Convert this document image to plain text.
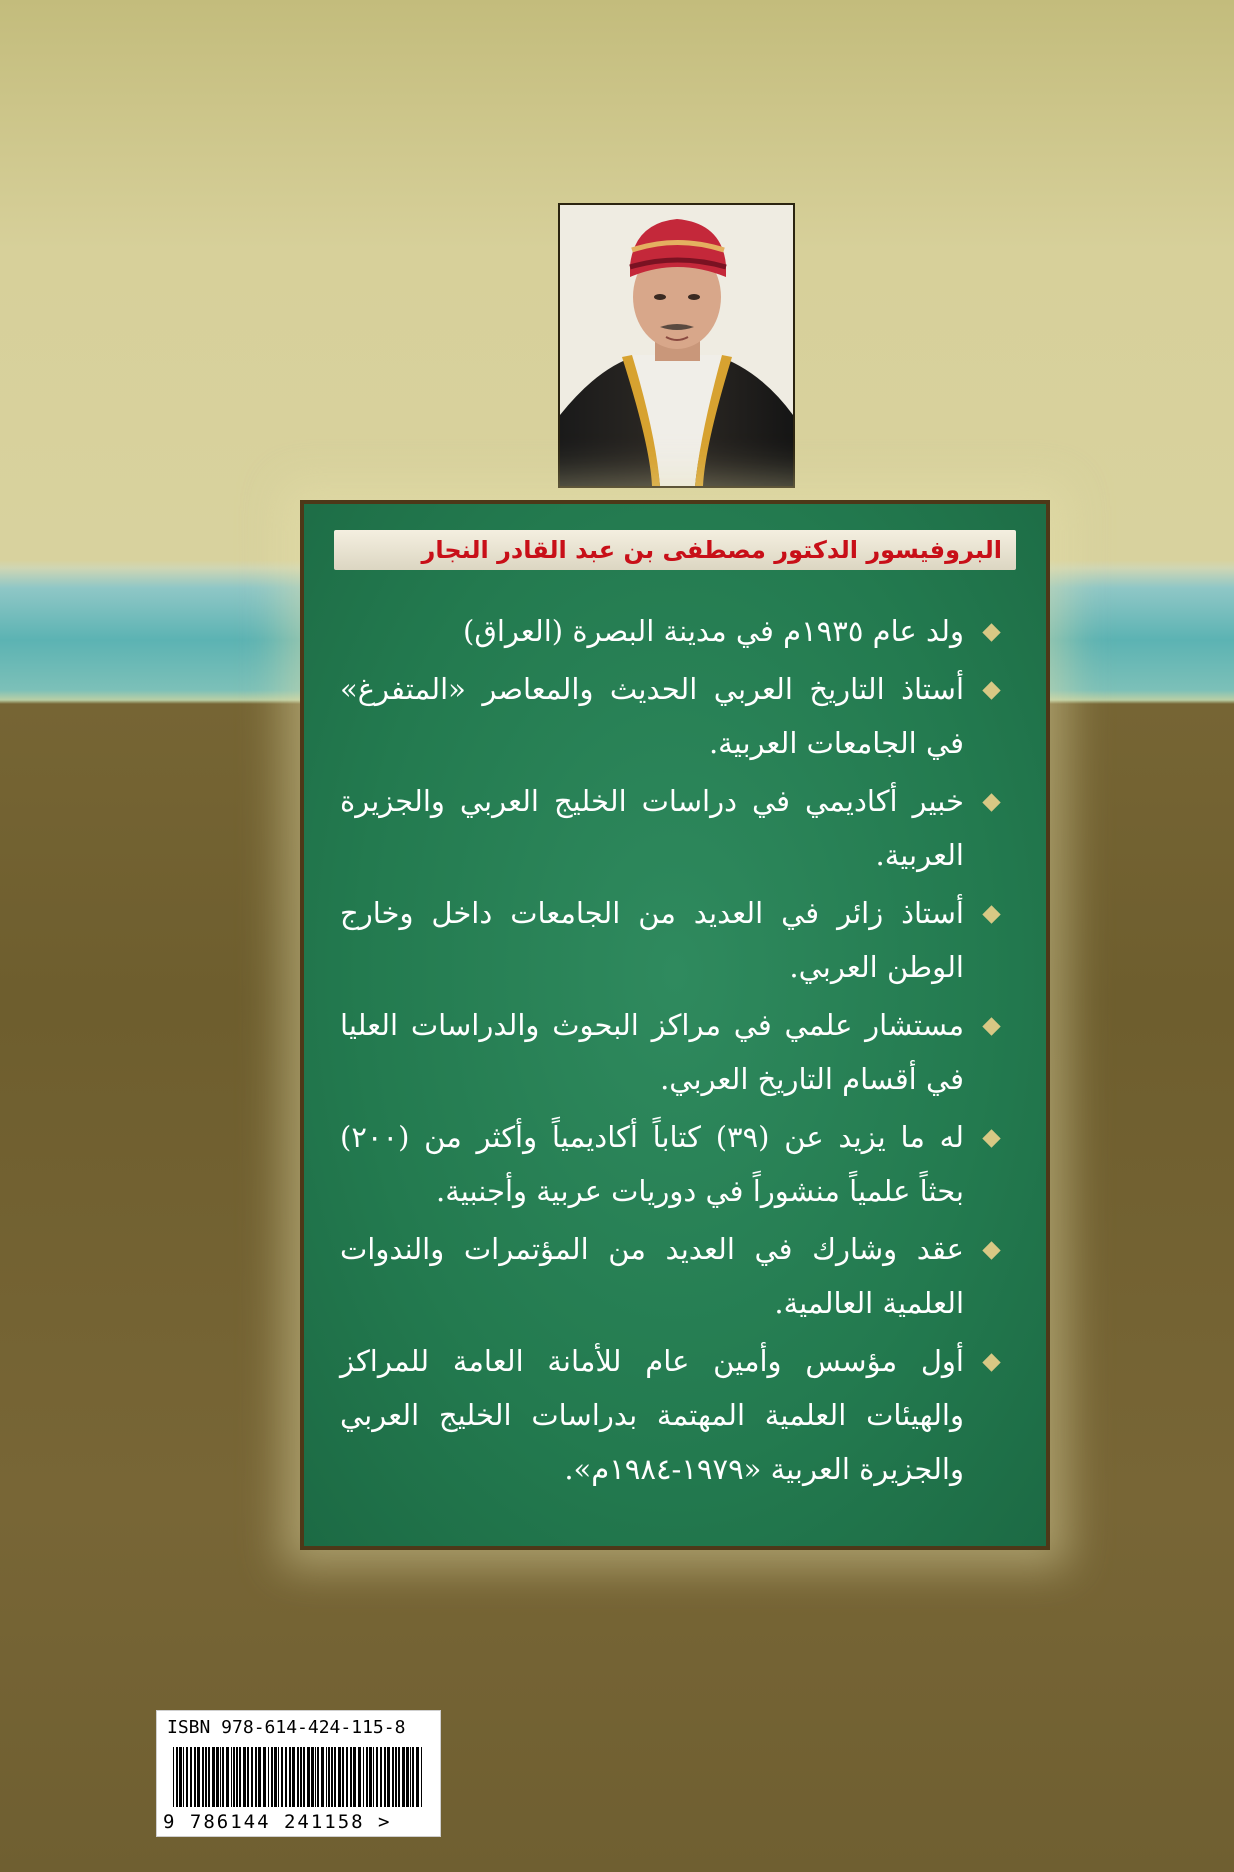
البروفيسور الدكتور مصطفى بن عبد القادر النجار
ولد عام ١٩٣٥م في مدينة البصرة (العراق)
أستاذ التاريخ العربي الحديث والمعاصر «المتفرغ» في الجامعات العربية.
خبير أكاديمي في دراسات الخليج العربي والجزيرة العربية.
أستاذ زائر في العديد من الجامعات داخل وخارج الوطن العربي.
مستشار علمي في مراكز البحوث والدراسات العليا في أقسام التاريخ العربي.
له ما يزيد عن (٣٩) كتاباً أكاديمياً وأكثر من (٢٠٠) بحثاً علمياً منشوراً في دوريات عربية وأجنبية.
عقد وشارك في العديد من المؤتمرات والندوات العلمية العالمية.
أول مؤسس وأمين عام للأمانة العامة للمراكز والهيئات العلمية المهتمة بدراسات الخليج العربي والجزيرة العربية «١٩٧٩-١٩٨٤م».
ISBN 978-614-424-115-8
9 786144 241158 >
